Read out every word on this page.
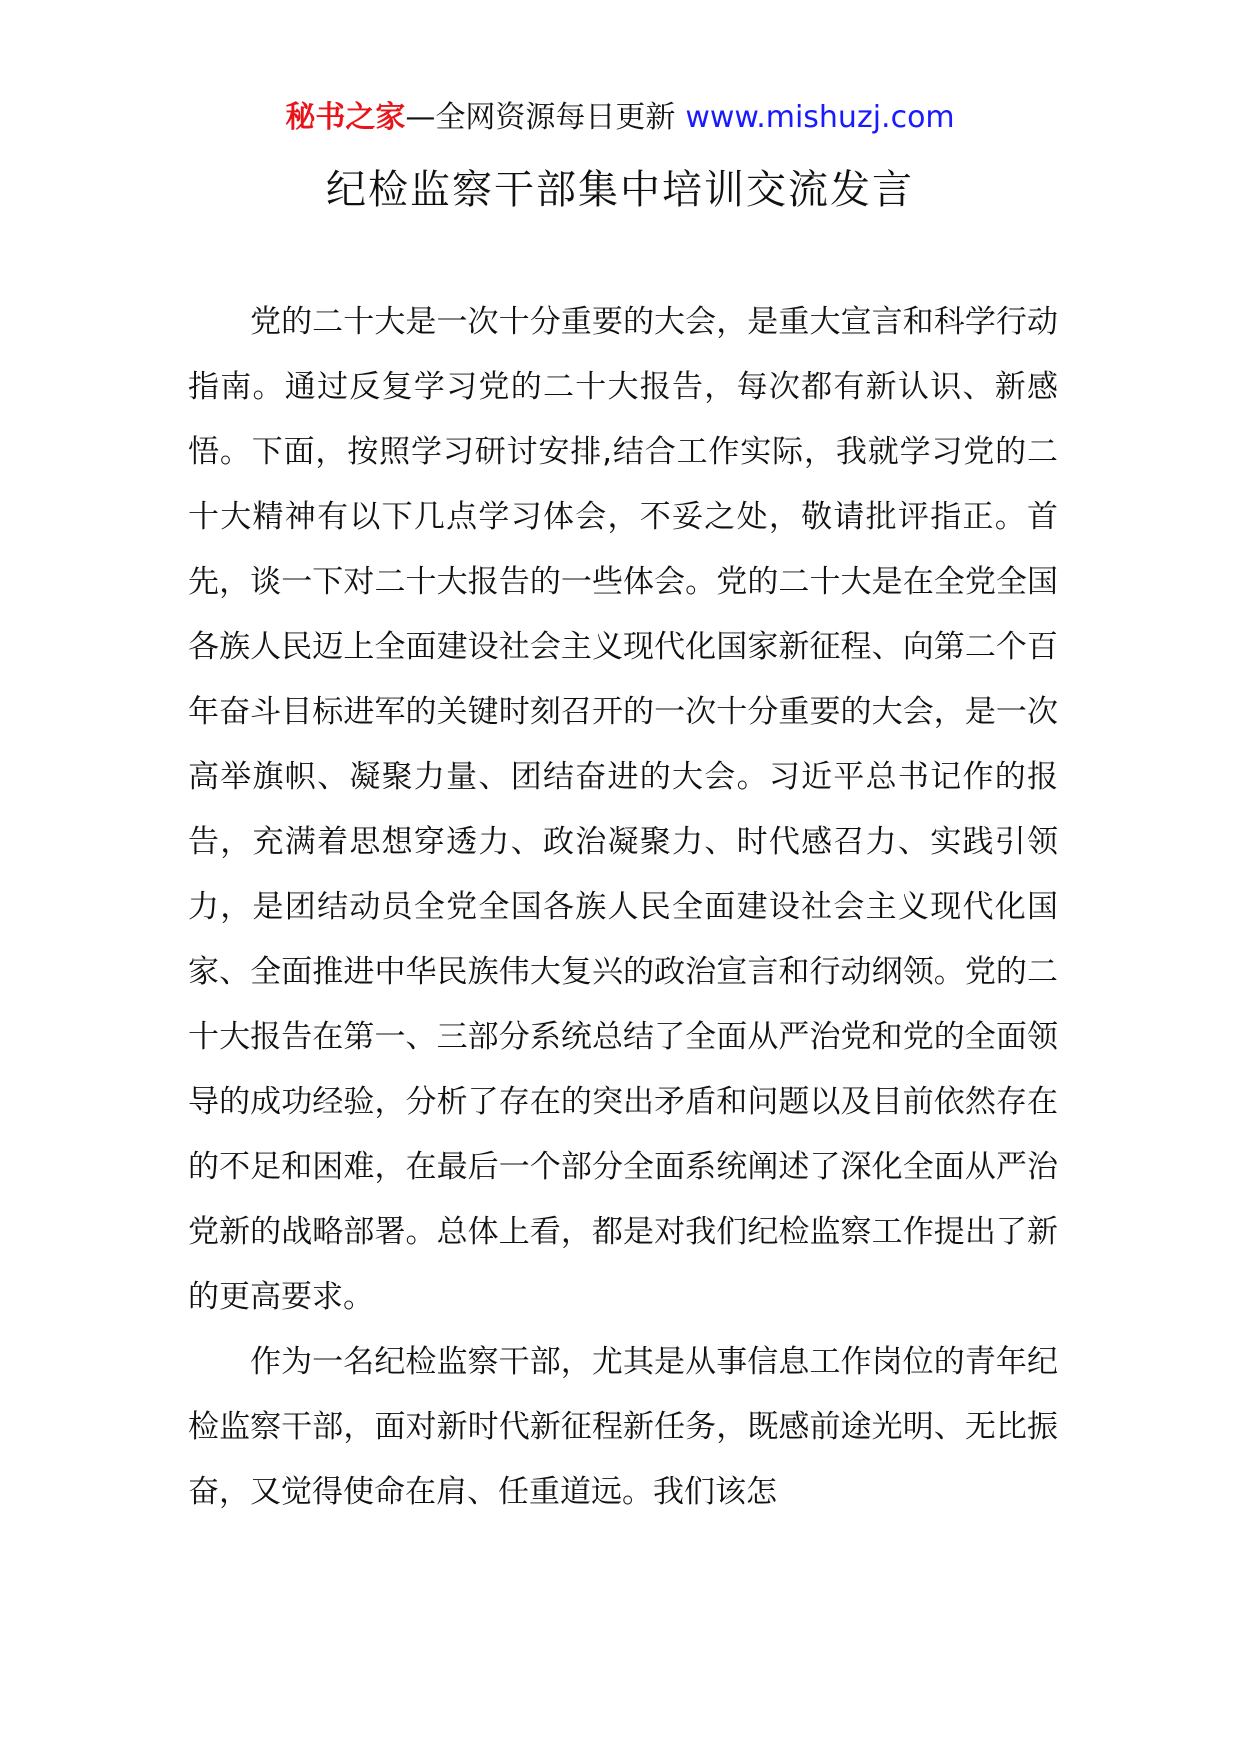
秘书之家—全网资源每日更新 www.mishuzj.com
纪检监察干部集中培训交流发言

党的二十大是一次十分重要的大会，是重大宣言和科学行动指南。通过反复学习党的二十大报告，每次都有新认识、新感悟。下面，按照学习研讨安排,结合工作实际，我就学习党的二十大精神有以下几点学习体会，不妥之处，敬请批评指正。首先，谈一下对二十大报告的一些体会。党的二十大是在全党全国各族人民迈上全面建设社会主义现代化国家新征程、向第二个百年奋斗目标进军的关键时刻召开的一次十分重要的大会，是一次高举旗帜、凝聚力量、团结奋进的大会。习近平总书记作的报告，充满着思想穿透力、政治凝聚力、时代感召力、实践引领力，是团结动员全党全国各族人民全面建设社会主义现代化国家、全面推进中华民族伟大复兴的政治宣言和行动纲领。党的二十大报告在第一、三部分系统总结了全面从严治党和党的全面领导的成功经验，分析了存在的突出矛盾和问题以及目前依然存在的不足和困难，在最后一个部分全面系统阐述了深化全面从严治党新的战略部署。总体上看，都是对我们纪检监察工作提出了新的更高要求。

作为一名纪检监察干部，尤其是从事信息工作岗位的青年纪检监察干部，面对新时代新征程新任务，既感前途光明、无比振奋，又觉得使命在肩、任重道远。我们该怎
